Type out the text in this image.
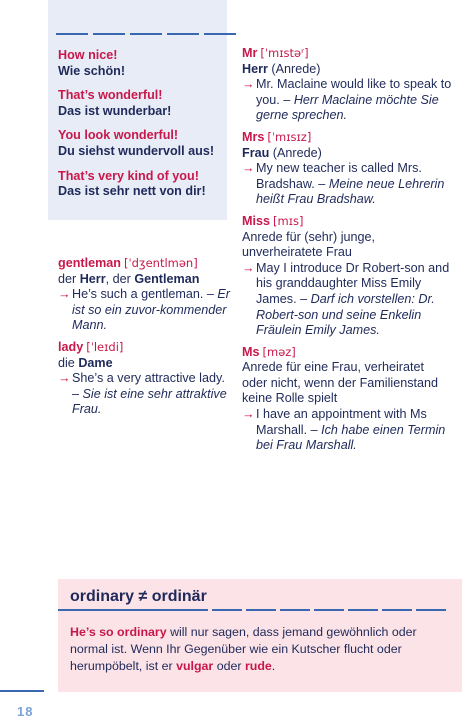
How nice!
Wie schön!
That’s wonderful!
Das ist wunderbar!
You look wonderful!
Du siehst wundervoll aus!
That’s very kind of you!
Das ist sehr nett von dir!
gentleman [ˈdʒentlmən]
der Herr, der Gentleman
→ He’s such a gentleman. – Er ist so ein zuvor-kommender Mann.
lady [ˈleɪdi]
die Dame
→ She’s a very attractive lady. – Sie ist eine sehr attraktive Frau.
Mr [ˈmɪstəʳ]
Herr (Anrede)
→ Mr. Maclaine would like to speak to you. – Herr Maclaine möchte Sie gerne sprechen.
Mrs [ˈmɪsɪz]
Frau (Anrede)
→ My new teacher is called Mrs. Bradshaw. – Meine neue Lehrerin heißt Frau Bradshaw.
Miss [mɪs]
Anrede für (sehr) junge, unverheiratete Frau
→ May I introduce Dr Robert-son and his granddaughter Miss Emily James. – Darf ich vorstellen: Dr. Robert-son und seine Enkelin Fräulein Emily James.
Ms [məz]
Anrede für eine Frau, verheiratet oder nicht, wenn der Familienstand keine Rolle spielt
→ I have an appointment with Ms Marshall. – Ich habe einen Termin bei Frau Marshall.
ordinary ≠ ordinär
He’s so ordinary will nur sagen, dass jemand gewöhnlich oder normal ist. Wenn Ihr Gegenüber wie ein Kutscher flucht oder herumpöbelt, ist er vulgar oder rude.
18
